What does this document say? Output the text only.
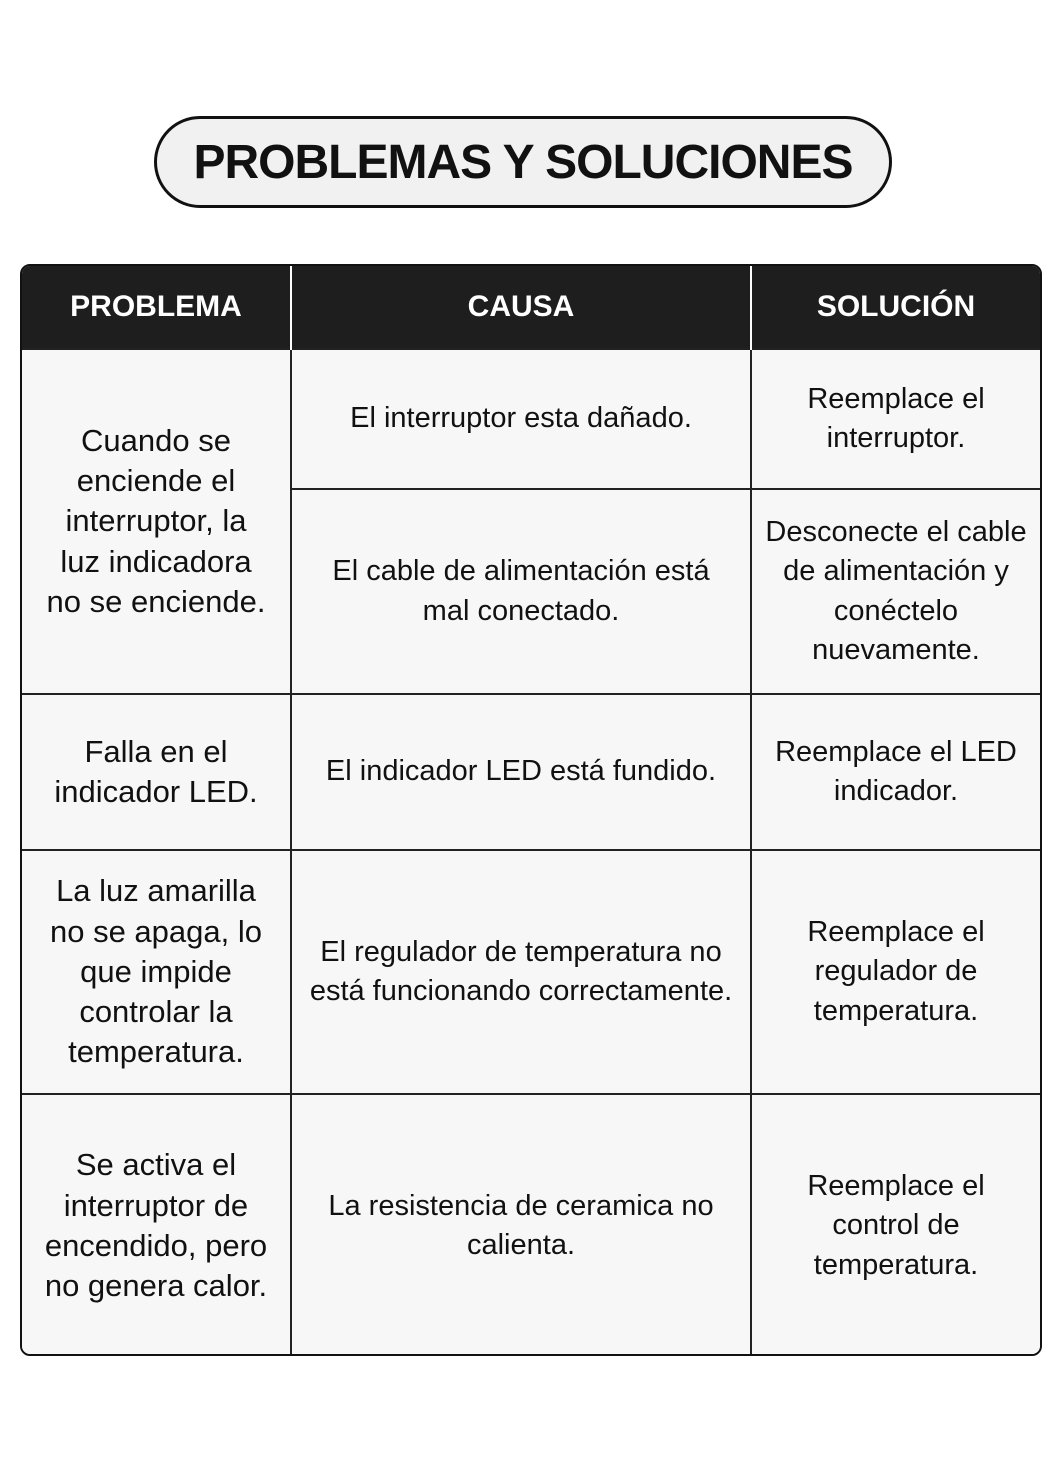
PROBLEMAS Y SOLUCIONES
PROBLEMA	CAUSA	SOLUCIÓN
Cuando se enciende el interruptor, la luz indicadora no se enciende.	El interruptor esta dañado.	Reemplace el interruptor.
	El cable de alimentación está mal conectado.	Desconecte el cable de alimentación y conéctelo nuevamente.
Falla en el indicador LED.	El indicador LED está fundido.	Reemplace el LED indicador.
La luz amarilla no se apaga, lo que impide controlar la temperatura.	El regulador de temperatura no está funcionando correctamente.	Reemplace el regulador de temperatura.
Se activa el interruptor de encendido, pero no genera calor.	La resistencia de ceramica no calienta.	Reemplace el control de temperatura.
